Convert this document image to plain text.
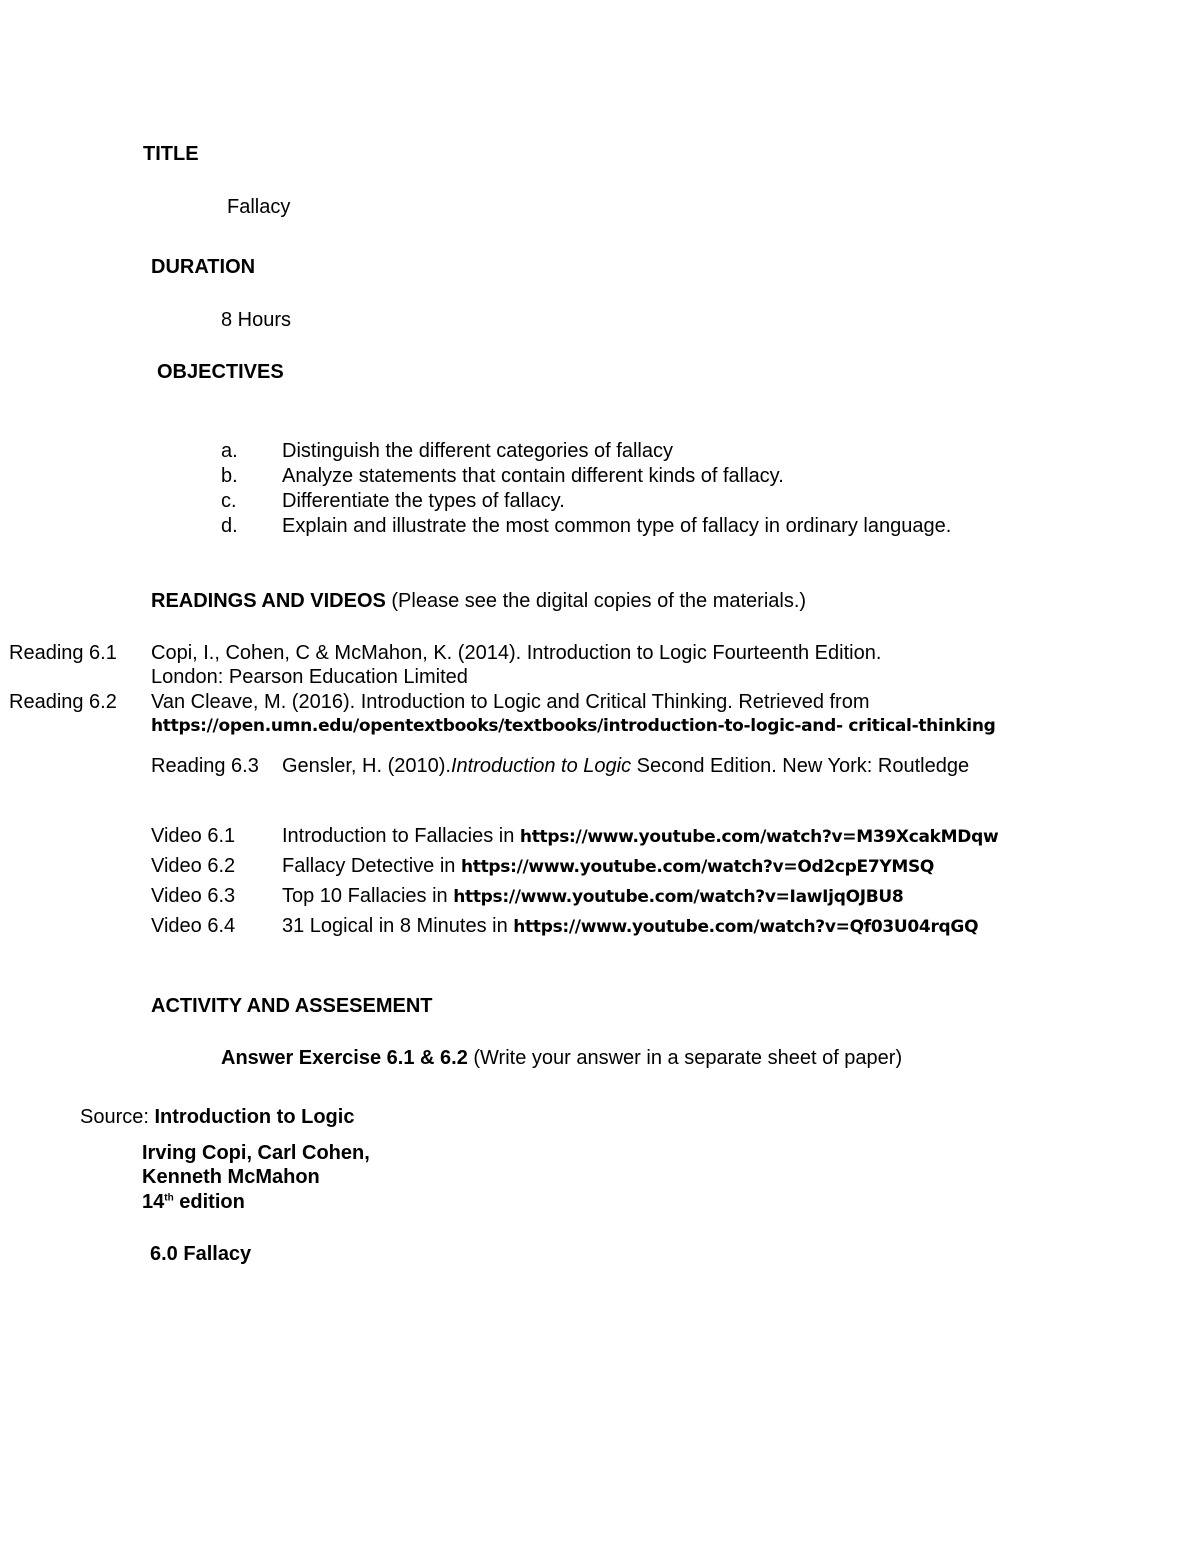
TITLE
Fallacy
DURATION
8 Hours
OBJECTIVES
a. Distinguish the different categories of fallacy
b. Analyze statements that contain different kinds of fallacy.
c. Differentiate the types of fallacy.
d. Explain and illustrate the most common type of fallacy in ordinary language.
READINGS AND VIDEOS (Please see the digital copies of the materials.)
Reading 6.1 Copi, I., Cohen, C & McMahon, K. (2014). Introduction to Logic Fourteenth Edition.
London: Pearson Education Limited
Reading 6.2 Van Cleave, M. (2016). Introduction to Logic and Critical Thinking. Retrieved from
https://open.umn.edu/opentextbooks/textbooks/introduction-to-logic-and- critical-thinking
Reading 6.3 Gensler, H. (2010).Introduction to Logic Second Edition. New York: Routledge
Video 6.1 Introduction to Fallacies in https://www.youtube.com/watch?v=M39XcakMDqw
Video 6.2 Fallacy Detective in https://www.youtube.com/watch?v=Od2cpE7YMSQ
Video 6.3 Top 10 Fallacies in https://www.youtube.com/watch?v=IawIjqOJBU8
Video 6.4 31 Logical in 8 Minutes in https://www.youtube.com/watch?v=Qf03U04rqGQ
ACTIVITY AND ASSESEMENT
Answer Exercise 6.1 & 6.2 (Write your answer in a separate sheet of paper)
Source: Introduction to Logic
Irving Copi, Carl Cohen,
Kenneth McMahon
14th edition
6.0 Fallacy
